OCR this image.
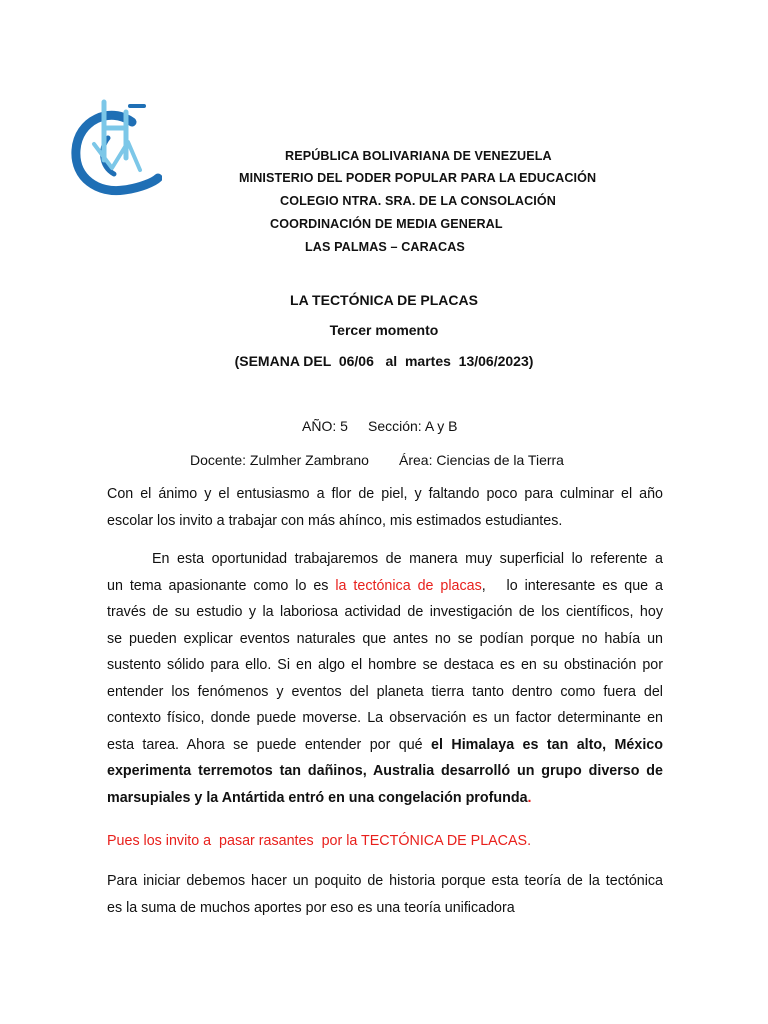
REPÚBLICA BOLIVARIANA DE VENEZUELA
MINISTERIO DEL PODER POPULAR PARA LA EDUCACIÓN
COLEGIO NTRA. SRA. DE LA CONSOLACIÓN
COORDINACIÓN DE MEDIA GENERAL
LAS PALMAS – CARACAS
LA TECTÓNICA DE PLACAS
Tercer momento
(SEMANA DEL  06/06   al  martes  13/06/2023)
AÑO: 5 Sección: A y B
Docente: Zulmher Zambrano Área: Ciencias de la Tierra
Con el ánimo y el entusiasmo a flor de piel, y faltando poco para culminar el año
escolar los invito a trabajar con más ahínco, mis estimados estudiantes.
En esta oportunidad trabajaremos de manera muy superficial lo referente a
un tema apasionante como lo es la tectónica de placas,   lo interesante es que a
través de su estudio y la laboriosa actividad de investigación de los científicos, hoy
se pueden explicar eventos naturales que antes no se podían porque no había un
sustento sólido para ello. Si en algo el hombre se destaca es en su obstinación por
entender los fenómenos y eventos del planeta tierra tanto dentro como fuera del
contexto físico, donde puede moverse. La observación es un factor determinante en
esta tarea. Ahora se puede entender por qué el Himalaya es tan alto, México
experimenta terremotos tan dañinos, Australia desarrolló un grupo diverso de
marsupiales y la Antártida entró en una congelación profunda.
Pues los invito a  pasar rasantes  por la TECTÓNICA DE PLACAS.
Para iniciar debemos hacer un poquito de historia porque esta teoría de la tectónica
es la suma de muchos aportes por eso es una teoría unificadora
